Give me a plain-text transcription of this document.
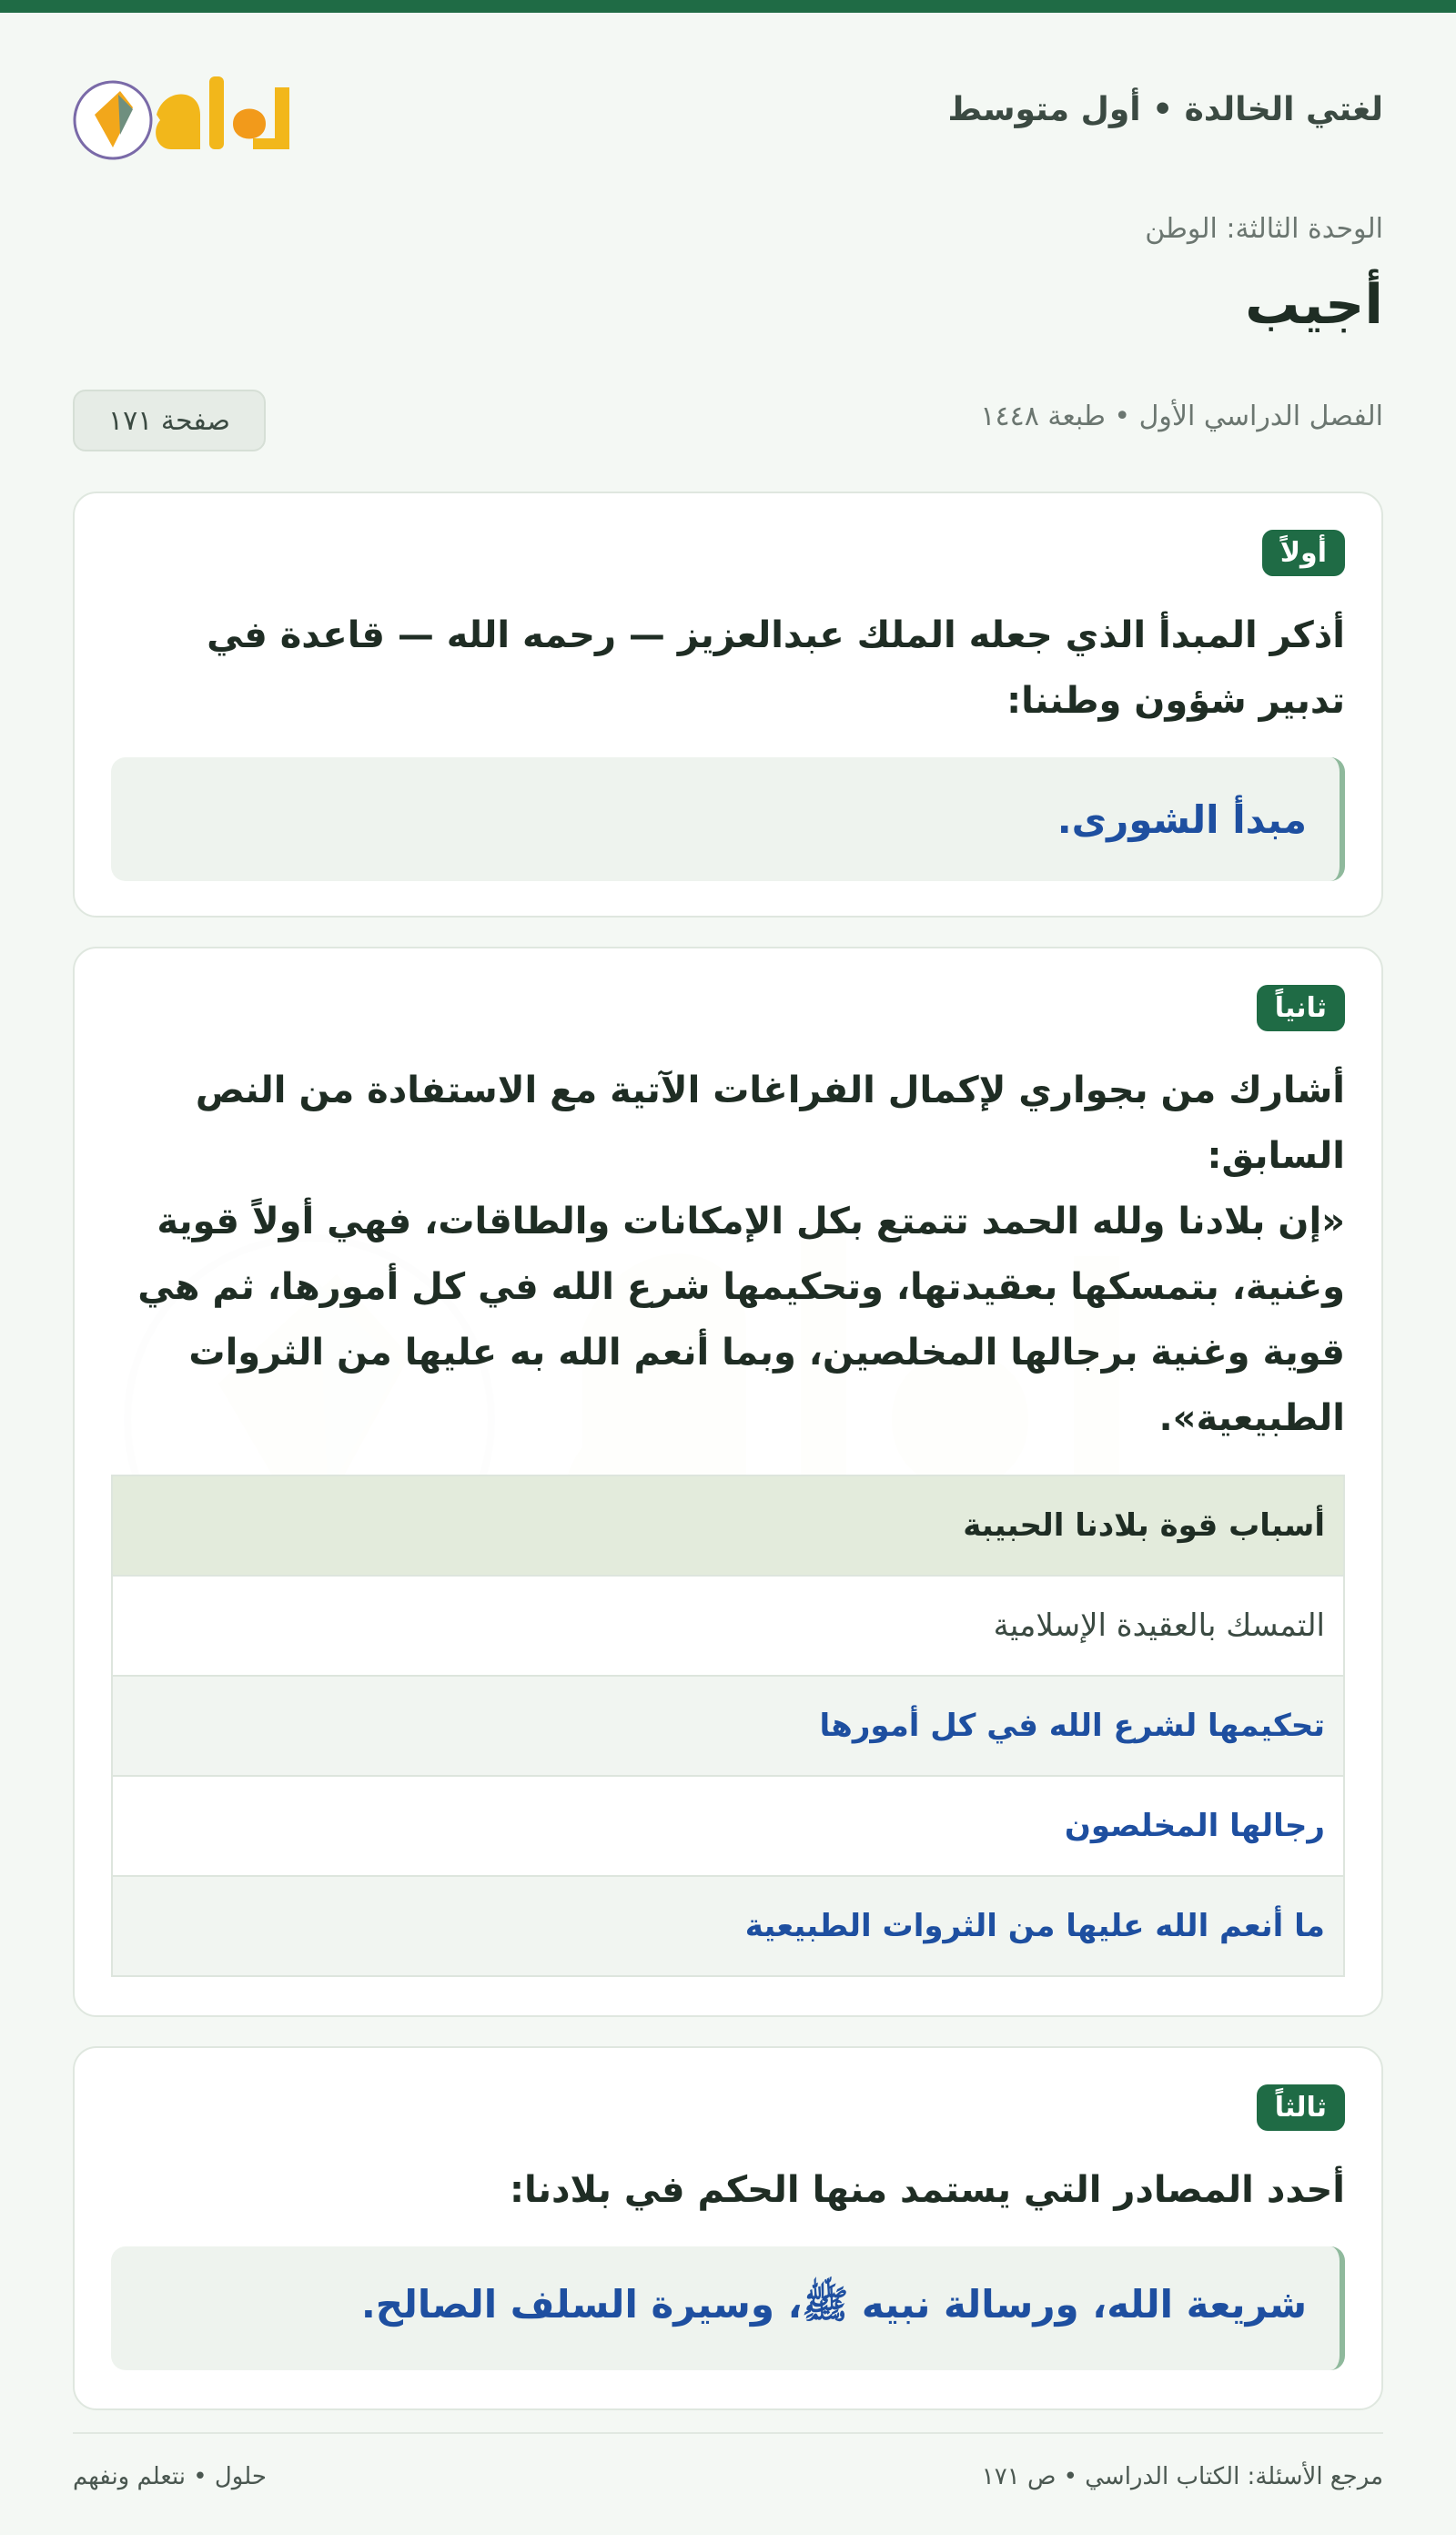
لغتي الخالدة • أول متوسط
الوحدة الثالثة: الوطن
أجيب
الفصل الدراسي الأول • طبعة ١٤٤٨
صفحة ١٧١
أولاً
أذكر المبدأ الذي جعله الملك عبدالعزيز — رحمه الله — قاعدة في تدبير شؤون وطننا:
مبدأ الشورى.
ثانياً
أشارك من بجواري لإكمال الفراغات الآتية مع الاستفادة من النص السابق:
«إن بلادنا ولله الحمد تتمتع بكل الإمكانات والطاقات، فهي أولاً قوية وغنية، بتمسكها بعقيدتها، وتحكيمها شرع الله في كل أمورها، ثم هي قوية وغنية برجالها المخلصين، وبما أنعم الله به عليها من الثروات الطبيعية».
أسباب قوة بلادنا الحبيبة
التمسك بالعقيدة الإسلامية
تحكيمها لشرع الله في كل أمورها
رجالها المخلصون
ما أنعم الله عليها من الثروات الطبيعية
ثالثاً
أحدد المصادر التي يستمد منها الحكم في بلادنا:
شريعة الله، ورسالة نبيه ﷺ، وسيرة السلف الصالح.
مرجع الأسئلة: الكتاب الدراسي • ص ١٧١
حلول • نتعلم ونفهم
